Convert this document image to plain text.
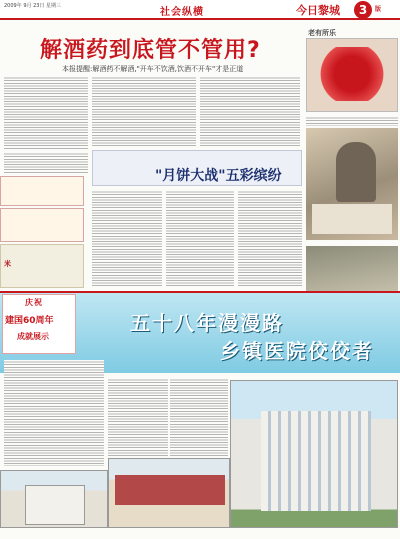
2009年 9月 23日 星期三
社会纵横	今日黎城	3	版
解酒药到底管不管用?
本报提醒:解酒药不解酒,"开车不饮酒,饮酒不开车"才是正道
米
老有所乐
"月饼大战"五彩缤纷
五十八年漫漫路
乡镇医院佼佼者
庆祝
建国60周年
成就展示
